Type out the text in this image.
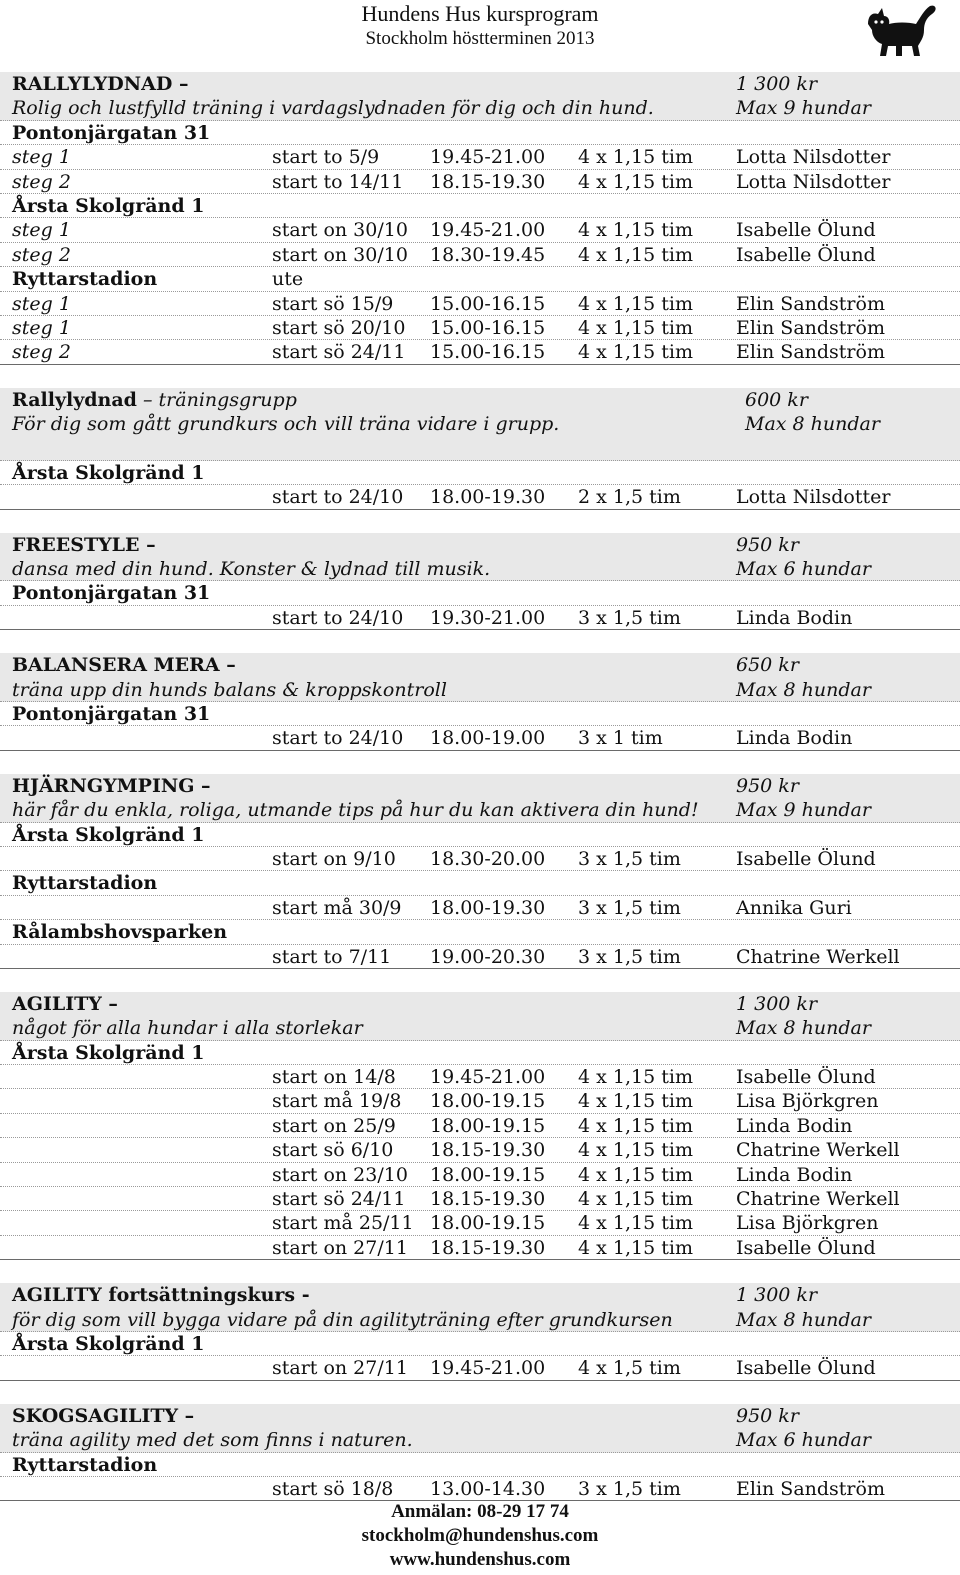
Hundens Hus kursprogram
Stockholm höstterminen 2013
RALLYLYDNAD –	1 300 kr
Rolig och lustfylld träning i vardagslydnaden för dig och din hund.	Max 9 hundar
Pontonjärgatan 31
steg 1	start to 5/9	19.45-21.00 4 x 1,15 tim Lotta Nilsdotter
steg 2	start to 14/11 18.15-19.30 4 x 1,15 tim Lotta Nilsdotter
Årsta Skolgränd 1
steg 1	start on 30/10 19.45-21.00 4 x 1,15 tim Isabelle Ölund
steg 2	start on 30/10 18.30-19.45 4 x 1,15 tim Isabelle Ölund
Ryttarstadion	ute
steg 1	start sö 15/9 15.00-16.15 4 x 1,15 tim Elin Sandström
steg 1	start sö 20/10 15.00-16.15 4 x 1,15 tim Elin Sandström
steg 2	start sö 24/11 15.00-16.15 4 x 1,15 tim Elin Sandström
Rallylydnad – träningsgrupp	600 kr
För dig som gått grundkurs och vill träna vidare i grupp.	Max 8 hundar
Årsta Skolgränd 1
start to 24/10 18.00-19.30 2 x 1,5 tim	Lotta Nilsdotter
FREESTYLE –	950 kr
dansa med din hund. Konster & lydnad till musik.	Max 6 hundar
Pontonjärgatan 31
start to 24/10 19.30-21.00 3 x 1,5 tim	Linda Bodin
BALANSERA MERA –	650 kr
träna upp din hunds balans & kroppskontroll	Max 8 hundar
Pontonjärgatan 31
start to 24/10 18.00-19.00 3 x 1 tim	Linda Bodin
HJÄRNGYMPING –	950 kr
här får du enkla, roliga, utmande tips på hur du kan aktivera din hund! Max 9 hundar
Årsta Skolgränd 1
start on 9/10 18.30-20.00 3 x 1,5 tim	Isabelle Ölund
Ryttarstadion
start må 30/9 18.00-19.30 3 x 1,5 tim	Annika Guri
Rålambshovsparken
start to 7/11 19.00-20.30 3 x 1,5 tim	Chatrine Werkell
AGILITY –	1 300 kr
något för alla hundar i alla storlekar	Max 8 hundar
Årsta Skolgränd 1
start on 14/8 19.45-21.00 4 x 1,15 tim Isabelle Ölund
start må 19/8 18.00-19.15 4 x 1,15 tim Lisa Björkgren
start on 25/9 18.00-19.15 4 x 1,15 tim Linda Bodin
start sö 6/10 18.15-19.30 4 x 1,15 tim Chatrine Werkell
start on 23/10 18.00-19.15 4 x 1,15 tim Linda Bodin
start sö 24/11 18.15-19.30 4 x 1,15 tim Chatrine Werkell
start må 25/11 18.00-19.15 4 x 1,15 tim Lisa Björkgren
start on 27/11 18.15-19.30 4 x 1,15 tim Isabelle Ölund
AGILITY fortsättningskurs -	1 300 kr
för dig som vill bygga vidare på din agilityträning efter grundkursen	Max 8 hundar
Årsta Skolgränd 1
start on 27/11 19.45-21.00 4 x 1,5 tim	Isabelle Ölund
SKOGSAGILITY –	950 kr
träna agility med det som finns i naturen.	Max 6 hundar
Ryttarstadion
start sö 18/8 13.00-14.30 3 x 1,5 tim	Elin Sandström
Anmälan: 08-29 17 74
stockholm@hundenshus.com
www.hundenshus.com
